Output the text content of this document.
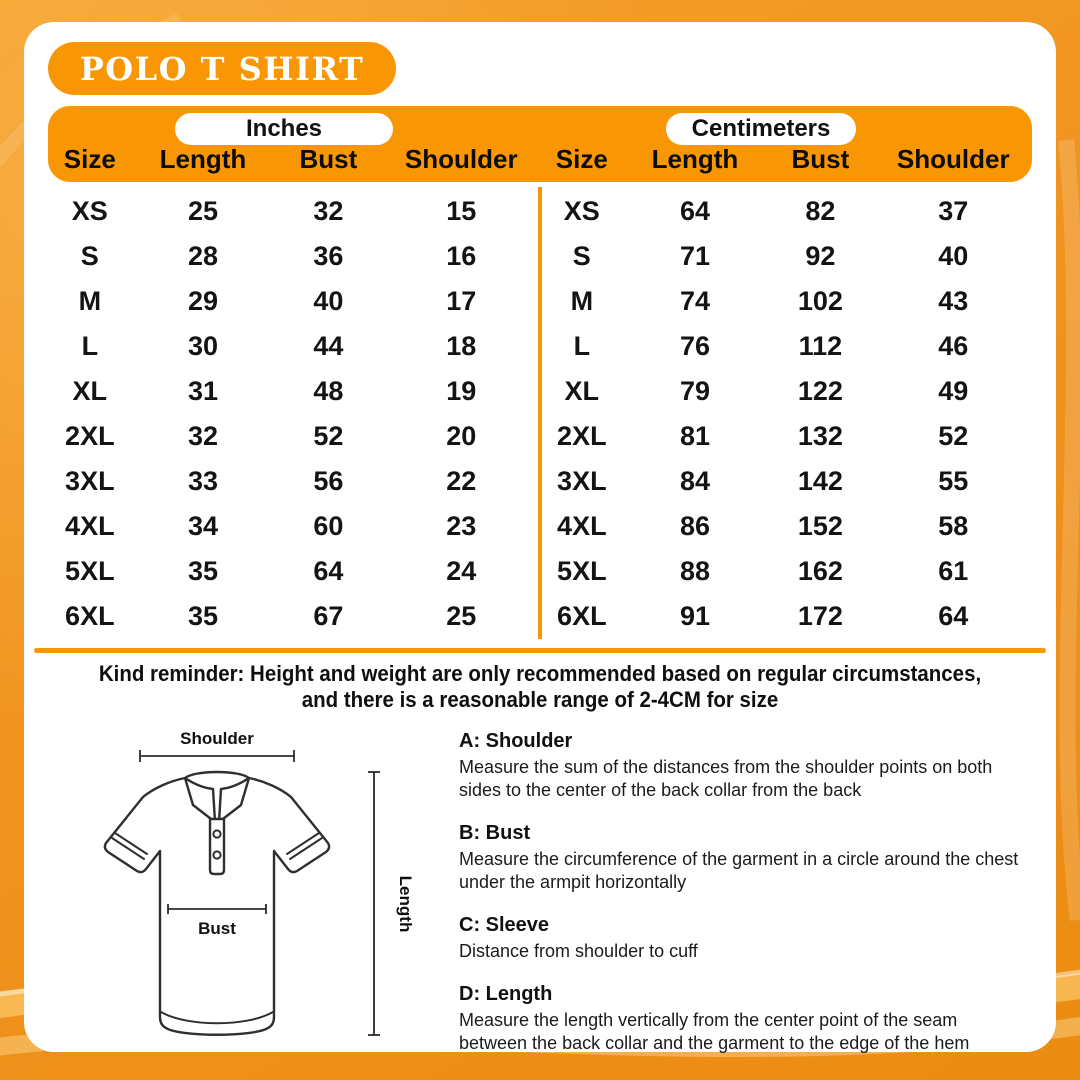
POLO T SHIRT
Inches
Size	Length	Bust	Shoulder
Centimeters
Size	Length	Bust	Shoulder
XS	25	32	15
S	28	36	16
M	29	40	17
L	30	44	18
XL	31	48	19
2XL	32	52	20
3XL	33	56	22
4XL	34	60	23
5XL	35	64	24
6XL	35	67	25
XS	64	82	37
S	71	92	40
M	74	102	43
L	76	112	46
XL	79	122	49
2XL	81	132	52
3XL	84	142	55
4XL	86	152	58
5XL	88	162	61
6XL	91	172	64
Kind reminder: Height and weight are only recommended based on regular circumstances,
and there is a reasonable range of 2-4CM for size
Shoulder
Bust	Length
A: Shoulder
Measure the sum of the distances from the shoulder points on both sides to the center of the back collar from the back
B: Bust
Measure the circumference of the garment in a circle around the chest under the armpit horizontally
C: Sleeve
Distance from shoulder to cuff
D: Length
Measure the length vertically from the center point of the seam between the back collar and the garment to the edge of the hem
